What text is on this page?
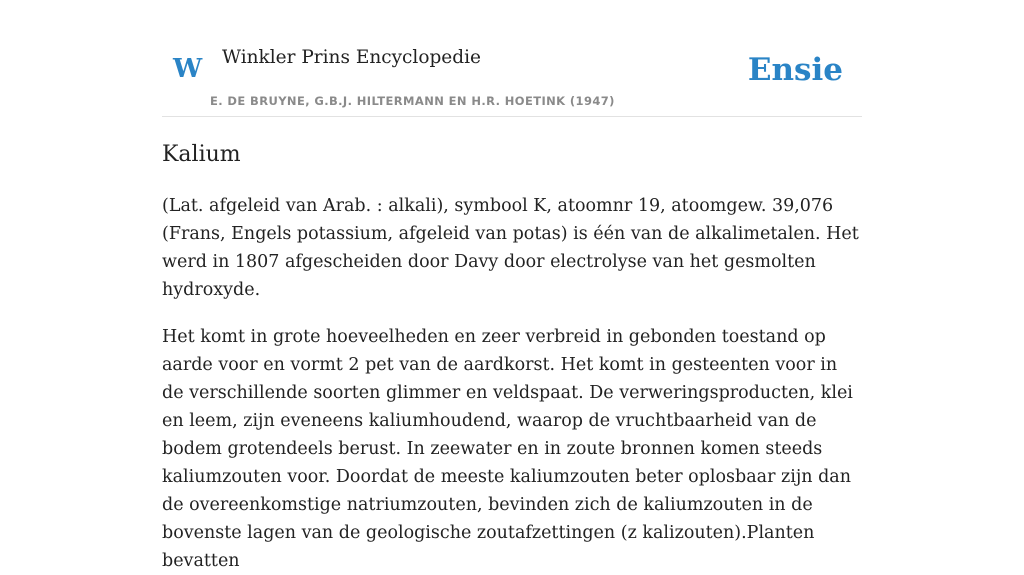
W Winkler Prins Encyclopedie
E. DE BRUYNE, G.B.J. HILTERMANN EN H.R. HOETINK (1947)
Ensie
Kalium

(Lat. afgeleid van Arab. : alkali), symbool K, atoomnr 19, atoomgew. 39,076 (Frans, Engels potassium, afgeleid van potas) is één van de alkalimetalen. Het werd in 1807 afgescheiden door Davy door electrolyse van het gesmolten hydroxyde.

Het komt in grote hoeveelheden en zeer verbreid in gebonden toestand op aarde voor en vormt 2 pet van de aardkorst. Het komt in gesteenten voor in de verschillende soorten glimmer en veldspaat. De verweringsproducten, klei en leem, zijn eveneens kaliumhoudend, waarop de vruchtbaarheid van de bodem grotendeels berust. In zeewater en in zoute bronnen komen steeds kaliumzouten voor. Doordat de meeste kaliumzouten beter oplosbaar zijn dan de overeenkomstige natriumzouten, bevinden zich de kaliumzouten in de bovenste lagen van de geologische zoutafzettingen (z kalizouten).Planten bevatten
